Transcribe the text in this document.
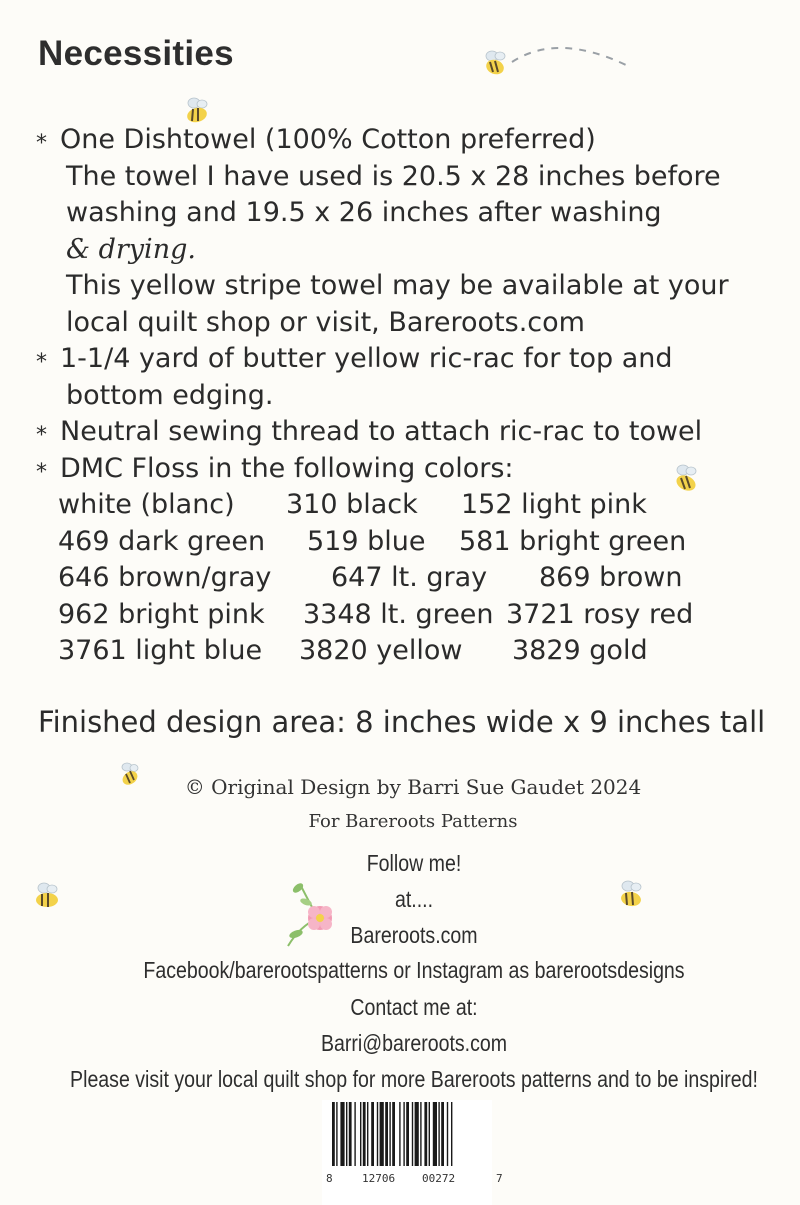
Necessities
* One Dishtowel (100% Cotton preferred)
The towel I have used is 20.5 x 28 inches before
washing and 19.5 x 26 inches after washing
& drying.
This yellow stripe towel may be available at your
local quilt shop or visit, Bareroots.com
* 1-1/4 yard of butter yellow ric-rac for top and
bottom edging.
* Neutral sewing thread to attach ric-rac to towel
* DMC Floss in the following colors:
white (blanc) 310 black 152 light pink
469 dark green 519 blue 581 bright green
646 brown/gray 647 lt. gray 869 brown
962 bright pink 3348 lt. green 3721 rosy red
3761 light blue 3820 yellow 3829 gold
Finished design area: 8 inches wide x 9 inches tall
© Original Design by Barri Sue Gaudet 2024
For Bareroots Patterns
Follow me!
at....
Bareroots.com
Facebook/barerootspatterns or Instagram as barerootsdesigns
Contact me at:
Barri@bareroots.com
Please visit your local quilt shop for more Bareroots patterns and to be inspired!
8	12706 00272	7
